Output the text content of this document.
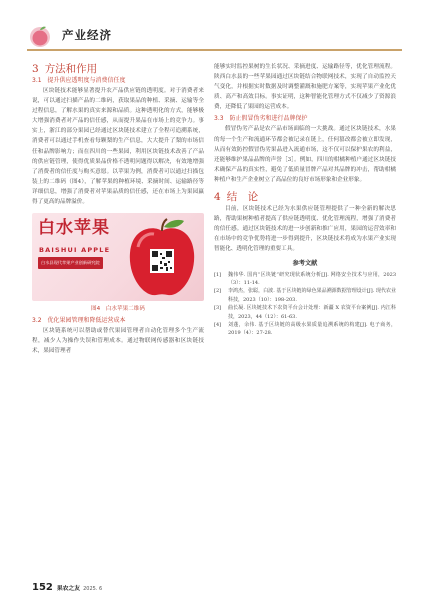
产业经济
3 方法和作用
3.1　提升供应透明度与消费信任度

区块链技术能够显著提升农产品供应链的透明度。对于消费者来说，可以通过扫描产品的二维码，获取果品的种植、采摘、运输等全过程信息，了解水果的真实来源和品质。这种透明化的方式，能够极大增强消费者对产品的信任感，从而提升果品在市场上的竞争力。事实上，浙江的部分果园已经通过区块链技术建立了全程可追溯系统，消费者可以通过手机查看每颗梨的生产信息，大大提升了梨的市场信任和品牌影响力；而在四川的一些果园，利用区块链技术改善了产品的供应链管理，使得优质果品价格不透明问题得以解决，有效地增强了消费者的信任度与购买意愿。以苹果为例，消费者可以通过扫描包装上的二维码（图4），了解苹果的种植环境、采摘时间、运输路径等详细信息，增强了消费者对苹果品质的信任感，还在市场上为果园赢得了更高的品牌溢价。

白水苹果
BAISHUI APPLE
白水县现代苹果产业创新研究院
图4　白水苹果二维码
3.2　优化果园管理和降低运营成本

区块链系统可以帮助或替代果园管理者自动化管理多个生产流程，减少人为操作失误和管理成本。通过物联网传感器和区块链技术，果园管理者

能够实时监控果树的生长状况、采摘进度、运输路径等，优化管理流程。陕西白水县的一些苹果园通过区块链结合物联网技术，实现了自动监控天气变化，并根据实时数据及时调整灌溉和施肥方案等，实现苹果产业化优质、高产和高效目标。事实证明，这种智能化管理方式不仅减少了资源浪费，还降低了果园的运营成本。

3.3　防止假冒伪劣和进行品牌保护

假冒伪劣产品是农产品市场面临的一大挑战。通过区块链技术，水果的每一个生产和流通环节都会被记录在链上，任何篡改都会被立即发现，从而有效防控假冒伪劣果品进入流通市场，这不仅可以保护果农的利益，还能够维护果品品牌的声誉［3］。例如，四川的柑橘种植户通过区块链技术确保产品的真实性，避免了低质量冒牌产品对其品牌的冲击，帮助柑橘种植户和生产企业树立了高品位的良好市场形象和企业形象。

4 结　论

目前，区块链技术已经为水果供应链管理提供了一种全新的解决思路，帮助果树种植者提高了供应链透明度、优化管理流程，增强了消费者的信任感。通过区块链技术的进一步创新和推广应用，果园的运营效率和在市场中的竞争优势将进一步得到提升，区块链技术将成为水果产业实现智能化、透明化管理的重要工具。

参考文献
[1]	魏伟华. 国内“区块链”研究现状系统分析[J]. 网络安全技术与应用，2023（3）：11-14.
[2]	李鸿杰，张聪，白波. 基于区块链的绿色果品溯源数据管理设计[J]. 现代农业科技，2023（10）：198-203.
[3]	曲长凝. 区块链技术下农资平台会计处理：新疆 X 农资平台案例[J]. 内江科技，2023，44（12）：61-63.
[4]	刘蓬，余伟. 基于区块链的高级水果质量追溯系统的构建[J]. 电子商务，2019（4）：27-28.
152 果农之友 2025. 6
